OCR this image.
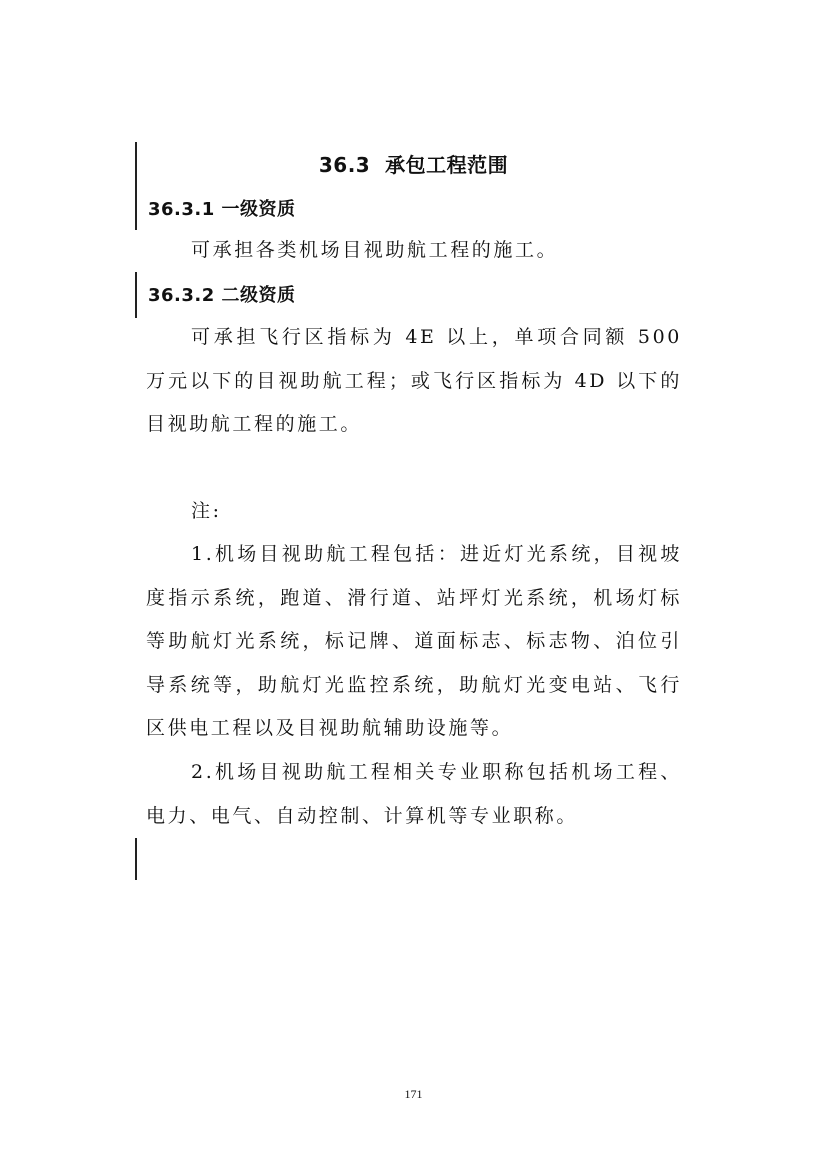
36.3  承包工程范围
36.3.1 一级资质

可承担各类机场目视助航工程的施工。

36.3.2 二级资质

可承担飞行区指标为 4E 以上，单项合同额 500 万元以下的目视助航工程；或飞行区指标为 4D 以下的目视助航工程的施工。

注:

1.机场目视助航工程包括：进近灯光系统，目视坡度指示系统，跑道、滑行道、站坪灯光系统，机场灯标等助航灯光系统，标记牌、道面标志、标志物、泊位引导系统等，助航灯光监控系统，助航灯光变电站、飞行区供电工程以及目视助航辅助设施等。

2.机场目视助航工程相关专业职称包括机场工程、电力、电气、自动控制、计算机等专业职称。

171
